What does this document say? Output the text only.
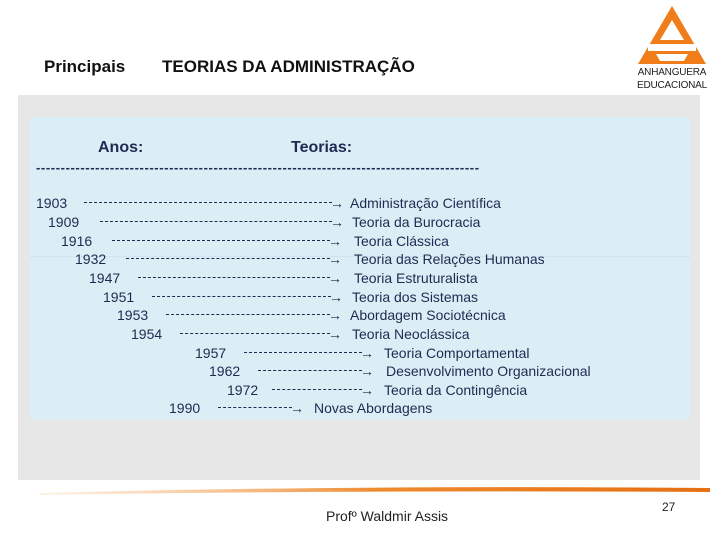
Principais TEORIAS DA ADMINISTRAÇÃO	ANHANGUERA
EDUCACIONAL
Anos:	Teorias:
------------------------------------------------------------------------------------------
1903	→ Administração Científica
1909	→ Teoria da Burocracia
1916	→ Teoria Clássica
1932	→ Teoria das Relações Humanas
1947	→ Teoria Estruturalista
1951	→ Teoria dos Sistemas
1953	→ Abordagem Sociotécnica
1954	→ Teoria Neoclássica
1957	→ Teoria Comportamental
1962	→ Desenvolvimento Organizacional
1972	→ Teoria da Contingência
1990	→ Novas Abordagens
Profº Waldmir Assis
27
